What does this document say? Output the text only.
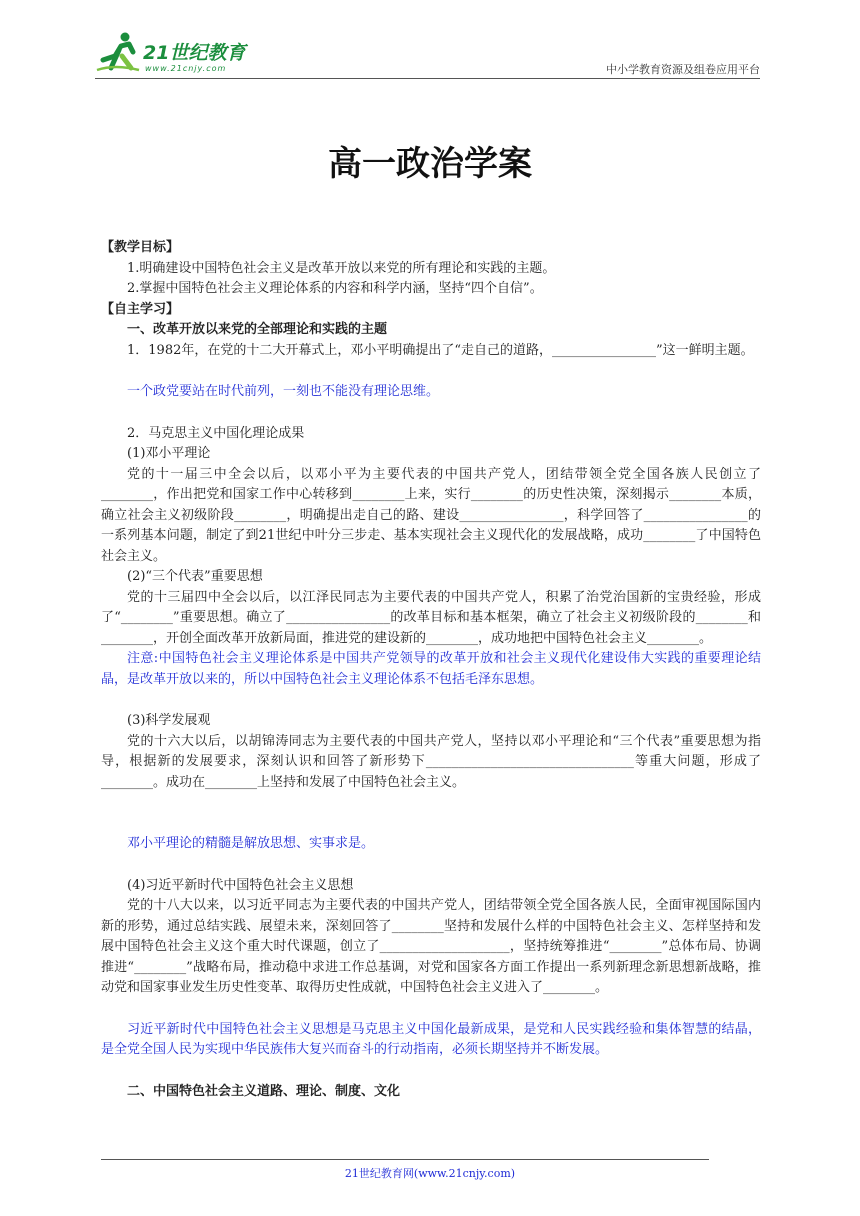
21世纪教育
www.21cnjy.com	中小学教育资源及组卷应用平台
高一政治学案

【教学目标】

1.明确建设中国特色社会主义是改革开放以来党的所有理论和实践的主题。

2.掌握中国特色社会主义理论体系的内容和科学内涵，坚持“四个自信”。

【自主学习】

一、改革开放以来党的全部理论和实践的主题

1．1982年，在党的十二大开幕式上，邓小平明确提出了“走自己的道路，________________”这一鲜明主题。

一个政党要站在时代前列，一刻也不能没有理论思维。

2．马克思主义中国化理论成果

(1)邓小平理论

党的十一届三中全会以后，以邓小平为主要代表的中国共产党人，团结带领全党全国各族人民创立了________，作出把党和国家工作中心转移到________上来，实行________的历史性决策，深刻揭示________本质，确立社会主义初级阶段________，明确提出走自己的路、建设________________，科学回答了________________的一系列基本问题，制定了到21世纪中叶分三步走、基本实现社会主义现代化的发展战略，成功________了中国特色社会主义。

(2)“三个代表”重要思想

党的十三届四中全会以后，以江泽民同志为主要代表的中国共产党人，积累了治党治国新的宝贵经验，形成了“________”重要思想。确立了________________的改革目标和基本框架，确立了社会主义初级阶段的________和________，开创全面改革开放新局面，推进党的建设新的________，成功地把中国特色社会主义________。

注意:中国特色社会主义理论体系是中国共产党领导的改革开放和社会主义现代化建设伟大实践的重要理论结晶，是改革开放以来的，所以中国特色社会主义理论体系不包括毛泽东思想。

(3)科学发展观

党的十六大以后，以胡锦涛同志为主要代表的中国共产党人，坚持以邓小平理论和“三个代表”重要思想为指导，根据新的发展要求，深刻认识和回答了新形势下________________________________等重大问题，形成了________。成功在________上坚持和发展了中国特色社会主义。

邓小平理论的精髓是解放思想、实事求是。

(4)习近平新时代中国特色社会主义思想

党的十八大以来，以习近平同志为主要代表的中国共产党人，团结带领全党全国各族人民，全面审视国际国内新的形势，通过总结实践、展望未来，深刻回答了________坚持和发展什么样的中国特色社会主义、怎样坚持和发展中国特色社会主义这个重大时代课题，创立了____________________，坚持统筹推进“________”总体布局、协调推进“________”战略布局，推动稳中求进工作总基调，对党和国家各方面工作提出一系列新理念新思想新战略，推动党和国家事业发生历史性变革、取得历史性成就，中国特色社会主义进入了________。

习近平新时代中国特色社会主义思想是马克思主义中国化最新成果，是党和人民实践经验和集体智慧的结晶，是全党全国人民为实现中华民族伟大复兴而奋斗的行动指南，必须长期坚持并不断发展。

二、中国特色社会主义道路、理论、制度、文化

21世纪教育网(www.21cnjy.com)
